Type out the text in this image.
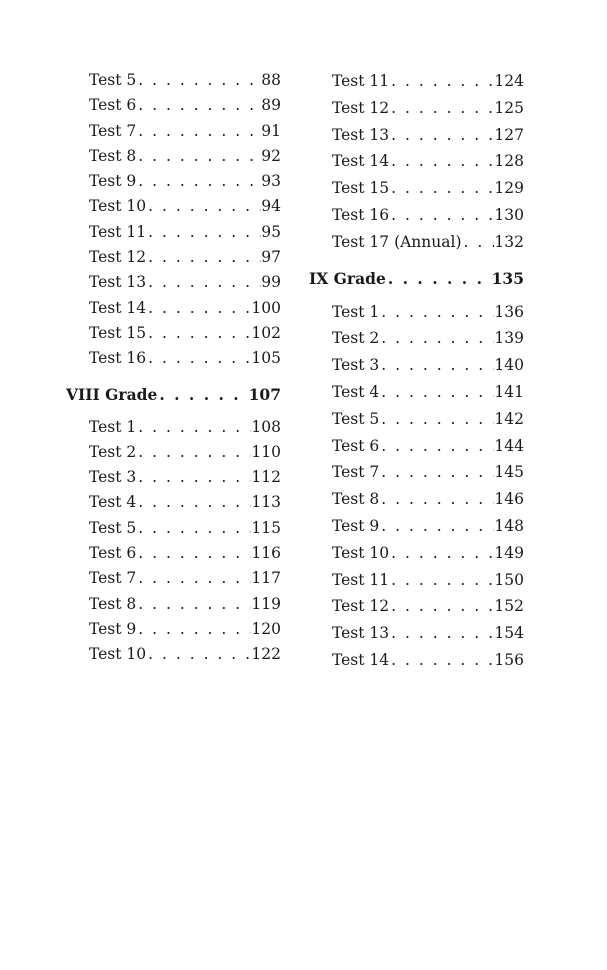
Test 5 . . .	88
Test 6 . . .	89
Test 7 . . .	91
Test 8 . . .	92
Test 9 . . .	93
Test 10 . . .	94
Test 11 . . .	95
Test 12 . . .	97
Test 13 . . .	99
Test 14 . . .	100
Test 15 . . .	102
Test 16 . . .	105
VIII Grade . . .	107
Test 1 . . .	108
Test 2 . . .	110
Test 3 . . .	112
Test 4 . . .	113
Test 5 . . .	115
Test 6 . . .	116
Test 7 . . .	117
Test 8 . . .	119
Test 9 . . .	120
Test 10 . . .	122
Test 11 . . .	124
Test 12 . . .	125
Test 13 . . .	127
Test 14 . . .	128
Test 15 . . .	129
Test 16 . . .	130
Test 17 (Annual) . . . 132
IX Grade . . .	135
Test 1 . . .	136
Test 2 . . .	139
Test 3 . . .	140
Test 4 . . .	141
Test 5 . . .	142
Test 6 . . .	144
Test 7 . . .	145
Test 8 . . .	146
Test 9 . . .	148
Test 10 . . .	149
Test 11 . . .	150
Test 12 . . .	152
Test 13 . . .	154
Test 14 . . .	156
